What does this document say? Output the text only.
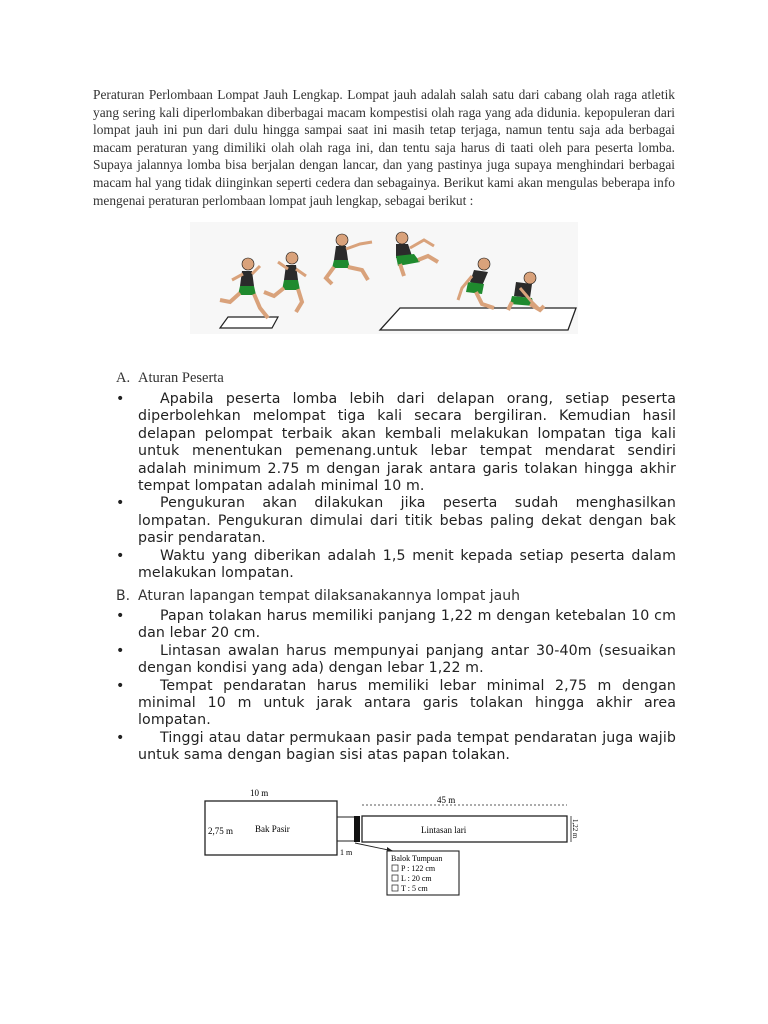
Peraturan Perlombaan Lompat Jauh Lengkap. Lompat jauh adalah salah satu dari cabang olah raga atletik yang sering kali diperlombakan diberbagai macam kompestisi olah raga yang ada didunia. kepopuleran dari lompat jauh ini pun dari dulu hingga sampai saat ini masih tetap terjaga, namun tentu saja ada berbagai macam peraturan yang dimiliki olah olah raga ini, dan tentu saja harus di taati oleh para peserta lomba. Supaya jalannya lomba bisa berjalan dengan lancar, dan yang pastinya juga supaya menghindari berbagai macam hal yang tidak diinginkan seperti cedera dan sebagainya. Berikut kami akan mengulas beberapa info mengenai peraturan perlombaan lompat jauh lengkap, sebagai berikut :

A. Aturan Peserta
•	Apabila peserta lomba lebih dari delapan orang, setiap peserta diperbolehkan melompat tiga kali secara bergiliran. Kemudian hasil delapan pelompat terbaik akan kembali melakukan lompatan tiga kali untuk menentukan pemenang.untuk lebar tempat mendarat sendiri adalah minimum 2.75 m dengan jarak antara garis tolakan hingga akhir tempat lompatan adalah minimal 10 m.
•	Pengukuran akan dilakukan jika peserta sudah menghasilkan lompatan. Pengukuran dimulai dari titik bebas paling dekat dengan bak pasir pendaratan.
•	Waktu yang diberikan adalah 1,5 menit kepada setiap peserta dalam melakukan lompatan.
B. Aturan lapangan tempat dilaksanakannya lompat jauh
•	Papan tolakan harus memiliki panjang 1,22 m dengan ketebalan 10 cm dan lebar 20 cm.
•	Lintasan awalan harus mempunyai panjang antar 30-40m (sesuaikan dengan kondisi yang ada) dengan lebar 1,22 m.
•	Tempat pendaratan harus memiliki lebar minimal 2,75 m dengan minimal 10 m untuk jarak antara garis tolakan hingga akhir area lompatan.
•	Tinggi atau datar permukaan pasir pada tempat pendaratan juga wajib untuk sama dengan bagian sisi atas papan tolakan.
10 m
2,75 m Bak Pasir
1 m
45 m
Lintasan lari	1,22 m
Balok Tumpuan
P : 122 cm
L : 20 cm
T : 5 cm
